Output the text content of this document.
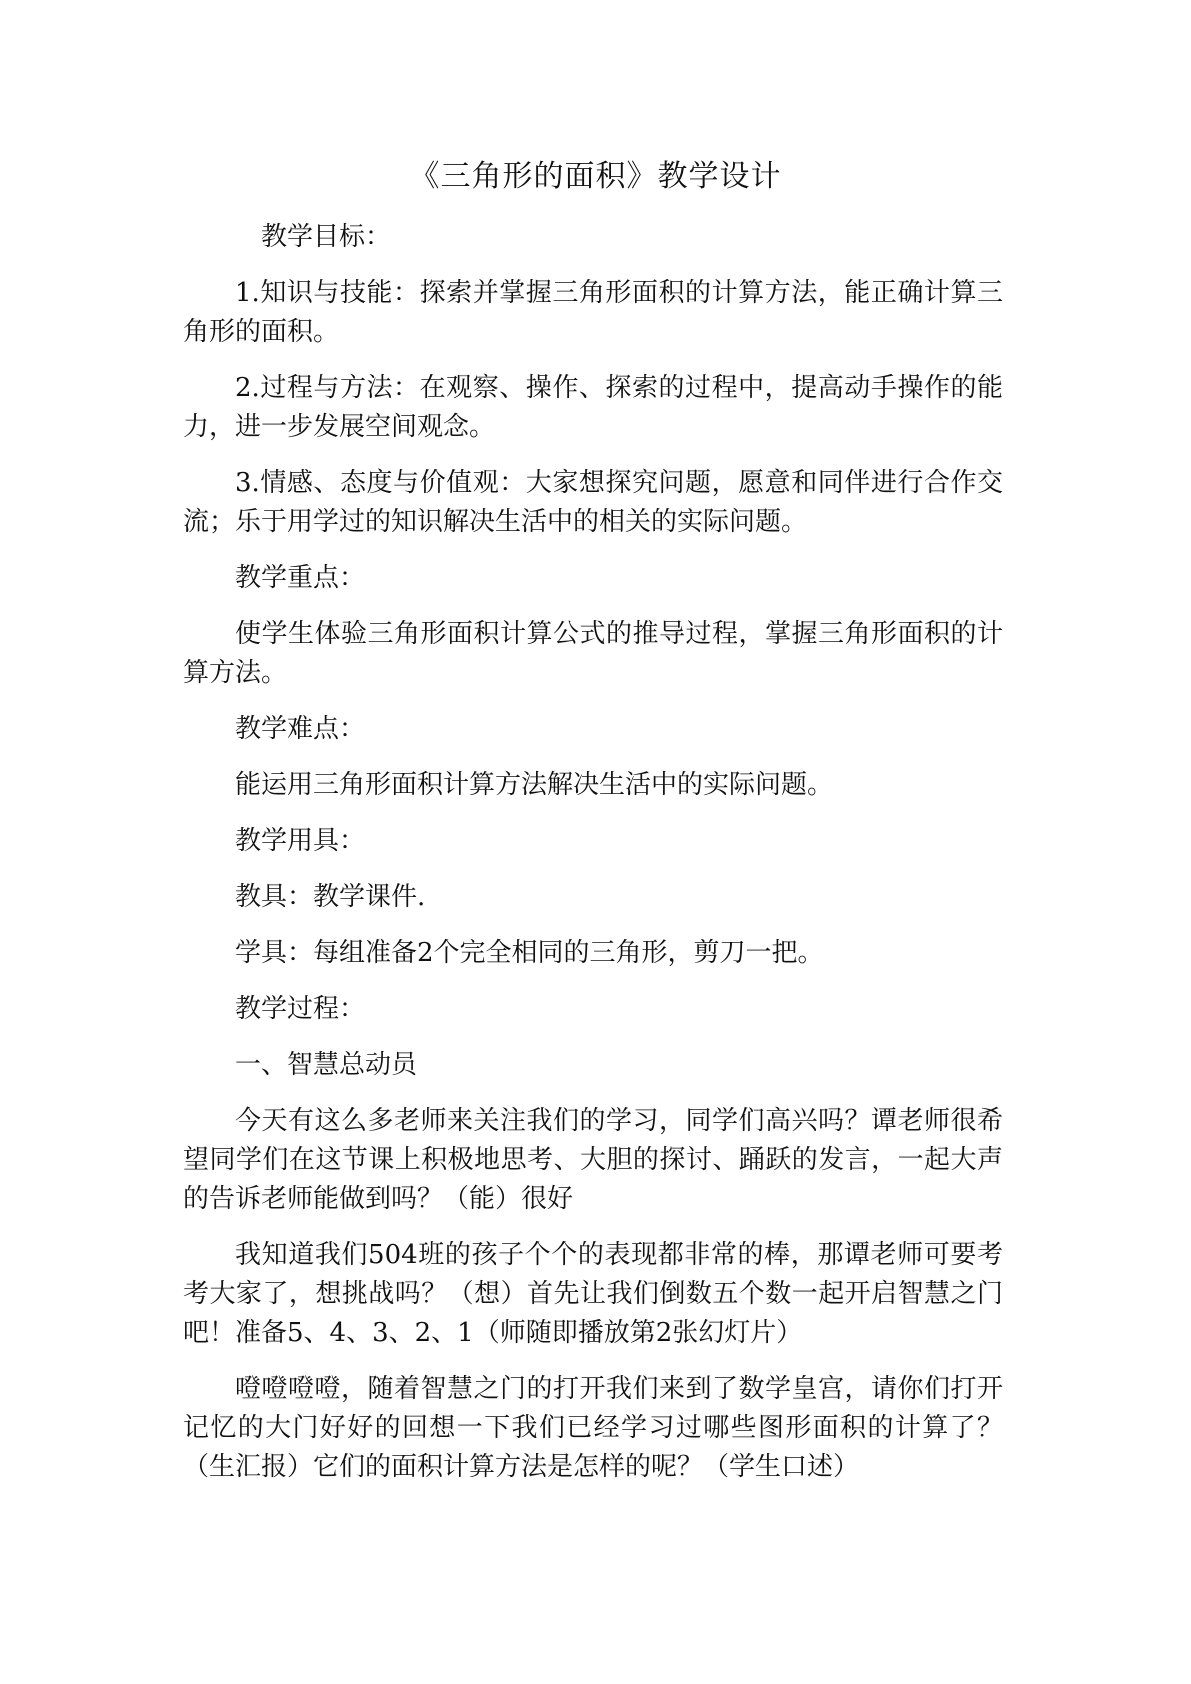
《三角形的面积》教学设计

教学目标：

1.知识与技能：探索并掌握三角形面积的计算方法，能正确计算三角形的面积。

2.过程与方法：在观察、操作、探索的过程中，提高动手操作的能力，进一步发展空间观念。

3.情感、态度与价值观：大家想探究问题，愿意和同伴进行合作交流；乐于用学过的知识解决生活中的相关的实际问题。

教学重点：

使学生体验三角形面积计算公式的推导过程，掌握三角形面积的计算方法。

教学难点：

能运用三角形面积计算方法解决生活中的实际问题。

教学用具：

教具：教学课件.

学具：每组准备2个完全相同的三角形，剪刀一把。

教学过程：

一、智慧总动员

今天有这么多老师来关注我们的学习，同学们高兴吗？谭老师很希望同学们在这节课上积极地思考、大胆的探讨、踊跃的发言，一起大声的告诉老师能做到吗？（能）很好

我知道我们504班的孩子个个的表现都非常的棒，那谭老师可要考考大家了，想挑战吗？（想）首先让我们倒数五个数一起开启智慧之门吧！准备5、4、3、2、1（师随即播放第2张幻灯片）

噔噔噔噔，随着智慧之门的打开我们来到了数学皇宫，请你们打开记忆的大门好好的回想一下我们已经学习过哪些图形面积的计算了？（生汇报）它们的面积计算方法是怎样的呢？（学生口述）
